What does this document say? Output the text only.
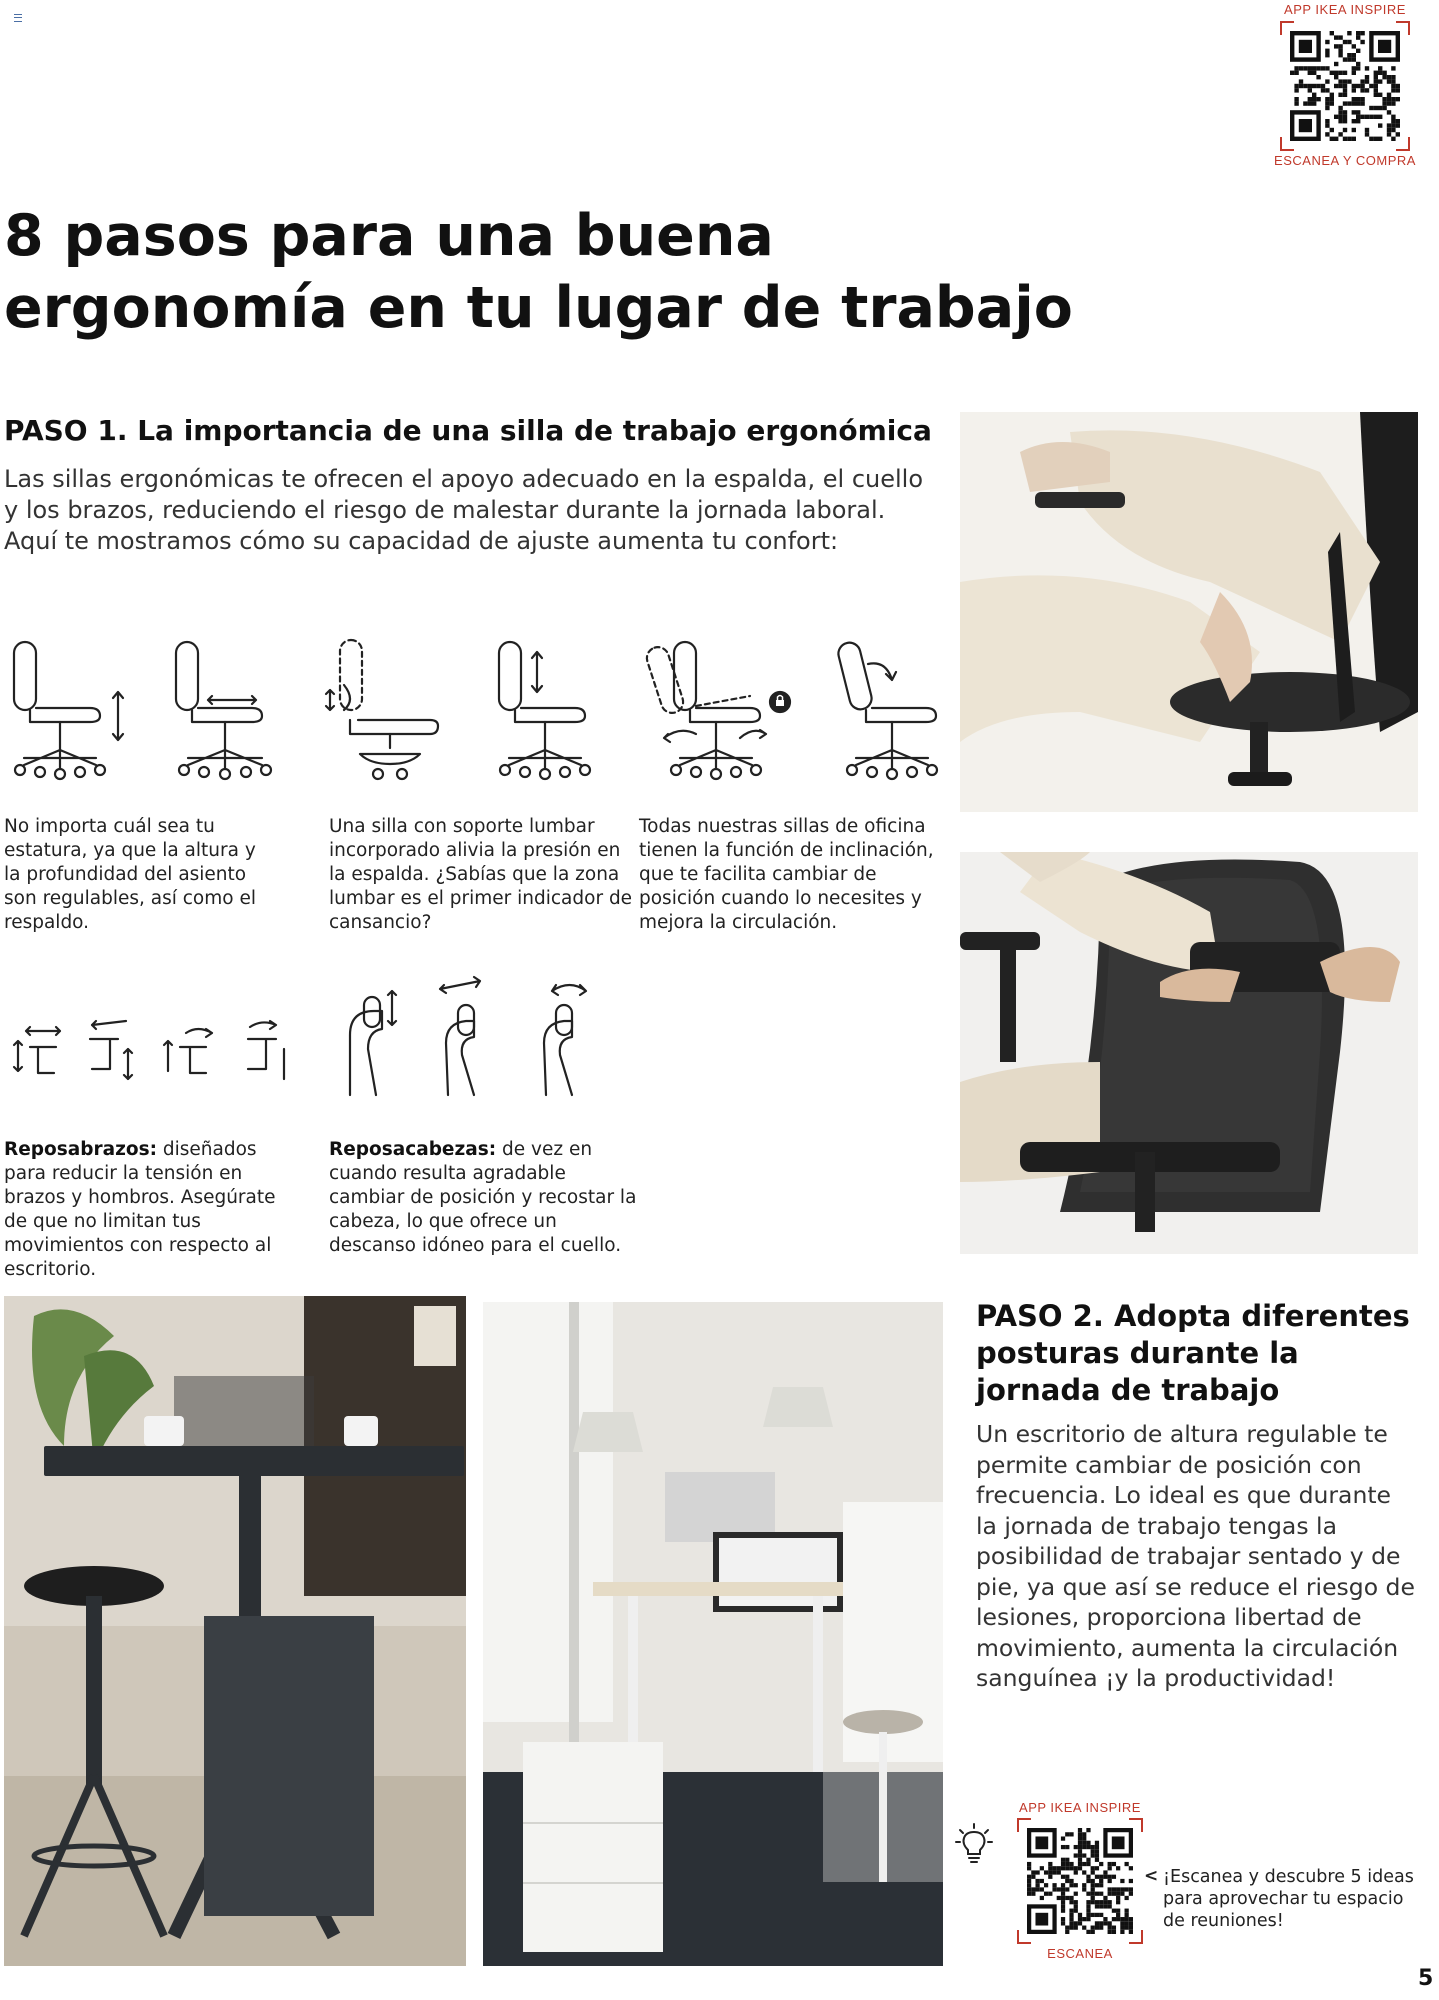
APP IKEA INSPIRE
ESCANEA Y COMPRA
8 pasos para una buena
ergonomía en tu lugar de trabajo
PASO 1. La importancia de una silla de trabajo ergonómica
Las sillas ergonómicas te ofrecen el apoyo adecuado en la espalda, el cuello y los brazos, reduciendo el riesgo de malestar durante la jornada laboral. Aquí te mostramos cómo su capacidad de ajuste aumenta tu confort:
No importa cuál sea tu estatura, ya que la altura y la profundidad del asiento son regulables, así como el respaldo.
Una silla con soporte lumbar incorporado alivia la presión en la espalda. ¿Sabías que la zona lumbar es el primer indicador de cansancio?
Todas nuestras sillas de oficina tienen la función de inclinación, que te facilita cambiar de posición cuando lo necesites y mejora la circulación.
Reposabrazos: diseñados para reducir la tensión en brazos y hombros. Asegúrate de que no limitan tus movimientos con respecto al escritorio.
Reposacabezas: de vez en cuando resulta agradable cambiar de posición y recostar la cabeza, lo que ofrece un descanso idóneo para el cuello.
PASO 2. Adopta diferentes posturas durante la jornada de trabajo
Un escritorio de altura regulable te permite cambiar de posición con frecuencia. Lo ideal es que durante la jornada de trabajo tengas la posibilidad de trabajar sentado y de pie, ya que así se reduce el riesgo de lesiones, proporciona libertad de movimiento, aumenta la circulación sanguínea ¡y la productividad!
APP IKEA INSPIRE
ESCANEA
< ¡Escanea y descubre 5 ideas para aprovechar tu espacio de reuniones!
5
